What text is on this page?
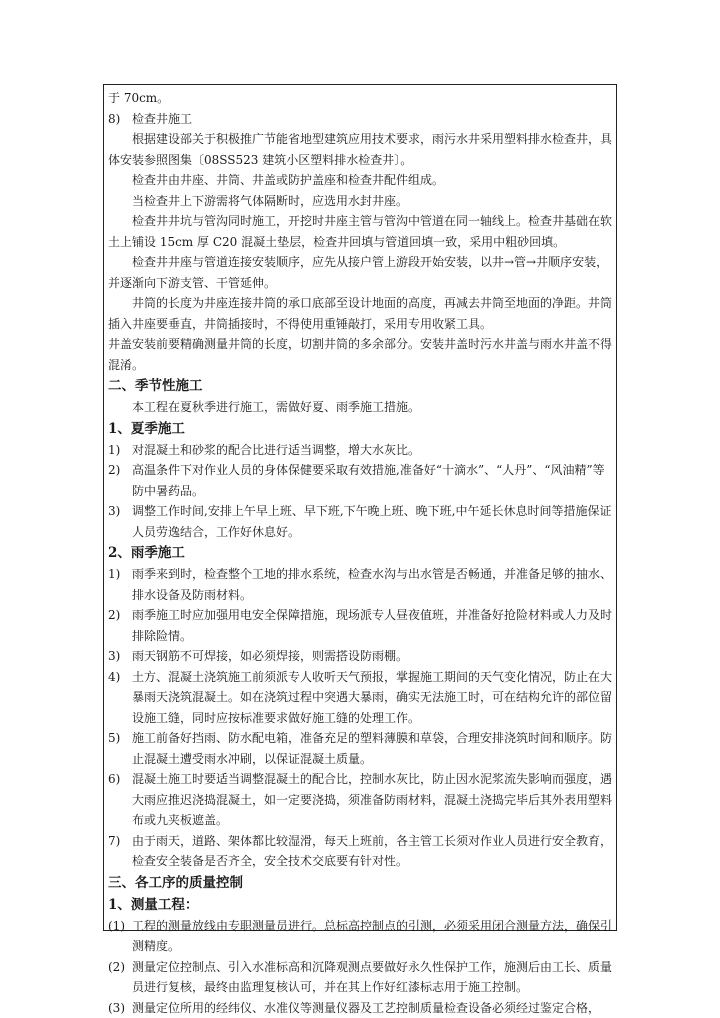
于 70cm。

8) 检查井施工

根据建设部关于积极推广节能省地型建筑应用技术要求，雨污水井采用塑料排水检查井，具体安装参照图集〔08SS523 建筑小区塑料排水检查井〕。

检查井由井座、井筒、井盖或防护盖座和检查井配件组成。

当检查井上下游需将气体隔断时，应选用水封井座。

检查井井坑与管沟同时施工，开挖时井座主管与管沟中管道在同一轴线上。检查井基础在软土上铺设 15cm 厚 C20 混凝土垫层，检查井回填与管道回填一致，采用中粗砂回填。

检查井井座与管道连接安装顺序，应先从接户管上游段开始安装，以井→管→井顺序安装，并逐渐向下游支管、干管延伸。

井筒的长度为井座连接井筒的承口底部至设计地面的高度，再减去井筒至地面的净距。井筒插入井座要垂直，井筒插接时，不得使用重锤敲打，采用专用收紧工具。

井盖安装前要精确测量井筒的长度，切割井筒的多余部分。安装井盖时污水井盖与雨水井盖不得混淆。

二、季节性施工

本工程在夏秋季进行施工，需做好夏、雨季施工措施。

1、夏季施工

1) 对混凝土和砂浆的配合比进行适当调整，增大水灰比。
2) 高温条件下对作业人员的身体保健要采取有效措施,准备好“十滴水”、“人丹”、“风油精”等防中暑药品。
3) 调整工作时间,安排上午早上班、早下班,下午晚上班、晚下班,中午延长休息时间等措施保证人员劳逸结合，工作好休息好。

2、雨季施工

1) 雨季来到时，检查整个工地的排水系统，检查水沟与出水管是否畅通，并准备足够的抽水、排水设备及防雨材料。
2) 雨季施工时应加强用电安全保障措施，现场派专人昼夜值班，并准备好抢险材料或人力及时排除险情。
3) 雨天钢筋不可焊接，如必须焊接，则需搭设防雨棚。
4) 土方、混凝土浇筑施工前须派专人收听天气预报，掌握施工期间的天气变化情况，防止在大暴雨天浇筑混凝土。如在浇筑过程中突遇大暴雨，确实无法施工时，可在结构允许的部位留设施工缝，同时应按标准要求做好施工缝的处理工作。
5) 施工前备好挡雨、防水配电箱，准备充足的塑料薄膜和草袋，合理安排浇筑时间和顺序。防止混凝土遭受雨水冲刷，以保证混凝土质量。
6) 混凝土施工时要适当调整混凝土的配合比，控制水灰比，防止因水泥浆流失影响而强度，遇大雨应推迟浇捣混凝土，如一定要浇捣，须准备防雨材料，混凝土浇捣完毕后其外表用塑料布或九夹板遮盖。
7) 由于雨天，道路、架体都比较湿滑，每天上班前，各主管工长须对作业人员进行安全教育，检查安全装备是否齐全，安全技术交底要有针对性。

三、各工序的质量控制

1、测量工程：

(1) 工程的测量放线由专职测量员进行。总标高控制点的引测，必须采用闭合测量方法，确保引测精度。
(2) 测量定位控制点、引入水准标高和沉降观测点要做好永久性保护工作，施测后由工长、质量员进行复核，最终由监理复核认可，并在其上作好红漆标志用于施工控制。
(3) 测量定位所用的经纬仪、水准仪等测量仪器及工艺控制质量检查设备必须经过鉴定合格，
